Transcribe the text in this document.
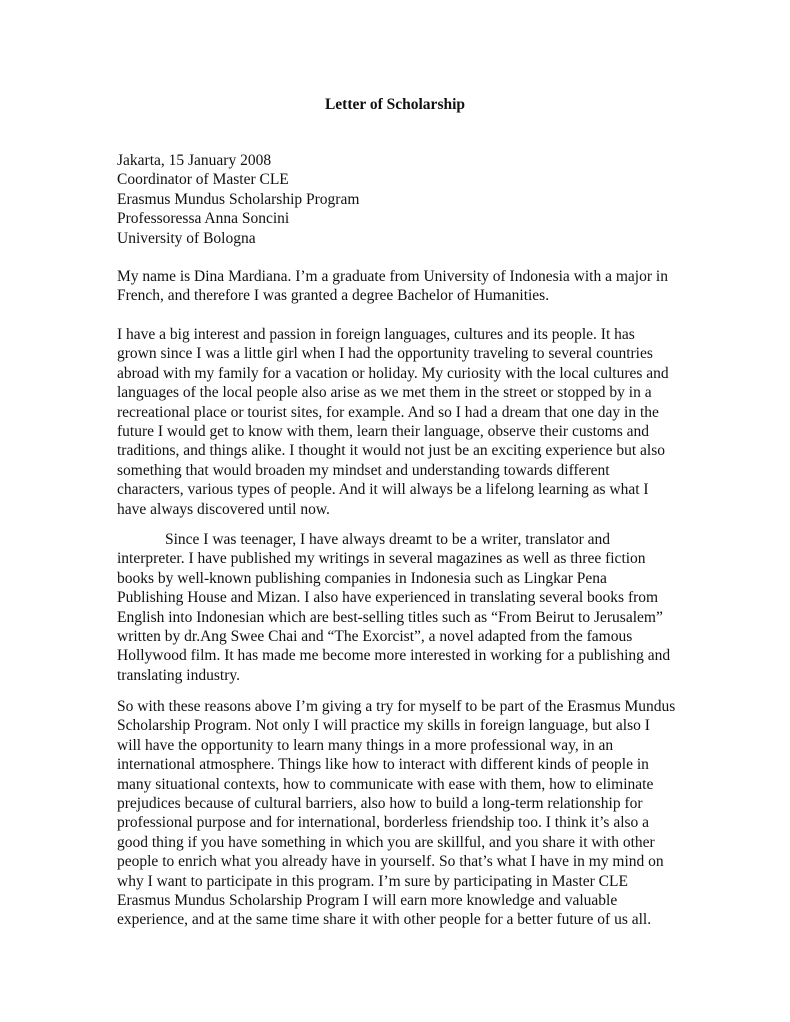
Letter of Scholarship
Jakarta, 15 January 2008
Coordinator of Master CLE
Erasmus Mundus Scholarship Program
Professoressa Anna Soncini
University of Bologna
My name is Dina Mardiana. I’m a graduate from University of Indonesia with a major in
French, and therefore I was granted a degree Bachelor of Humanities.
I have a big interest and passion in foreign languages, cultures and its people. It has
grown since I was a little girl when I had the opportunity traveling to several countries
abroad with my family for a vacation or holiday. My curiosity with the local cultures and
languages of the local people also arise as we met them in the street or stopped by in a
recreational place or tourist sites, for example. And so I had a dream that one day in the
future I would get to know with them, learn their language, observe their customs and
traditions, and things alike. I thought it would not just be an exciting experience but also
something that would broaden my mindset and understanding towards different
characters, various types of people. And it will always be a lifelong learning as what I
have always discovered until now.
Since I was teenager, I have always dreamt to be a writer, translator and
interpreter. I have published my writings in several magazines as well as three fiction
books by well-known publishing companies in Indonesia such as Lingkar Pena
Publishing House and Mizan. I also have experienced in translating several books from
English into Indonesian which are best-selling titles such as “From Beirut to Jerusalem”
written by dr.Ang Swee Chai and “The Exorcist”, a novel adapted from the famous
Hollywood film. It has made me become more interested in working for a publishing and
translating industry.
So with these reasons above I’m giving a try for myself to be part of the Erasmus Mundus
Scholarship Program. Not only I will practice my skills in foreign language, but also I
will have the opportunity to learn many things in a more professional way, in an
international atmosphere. Things like how to interact with different kinds of people in
many situational contexts, how to communicate with ease with them, how to eliminate
prejudices because of cultural barriers, also how to build a long-term relationship for
professional purpose and for international, borderless friendship too. I think it’s also a
good thing if you have something in which you are skillful, and you share it with other
people to enrich what you already have in yourself. So that’s what I have in my mind on
why I want to participate in this program. I’m sure by participating in Master CLE
Erasmus Mundus Scholarship Program I will earn more knowledge and valuable
experience, and at the same time share it with other people for a better future of us all.
